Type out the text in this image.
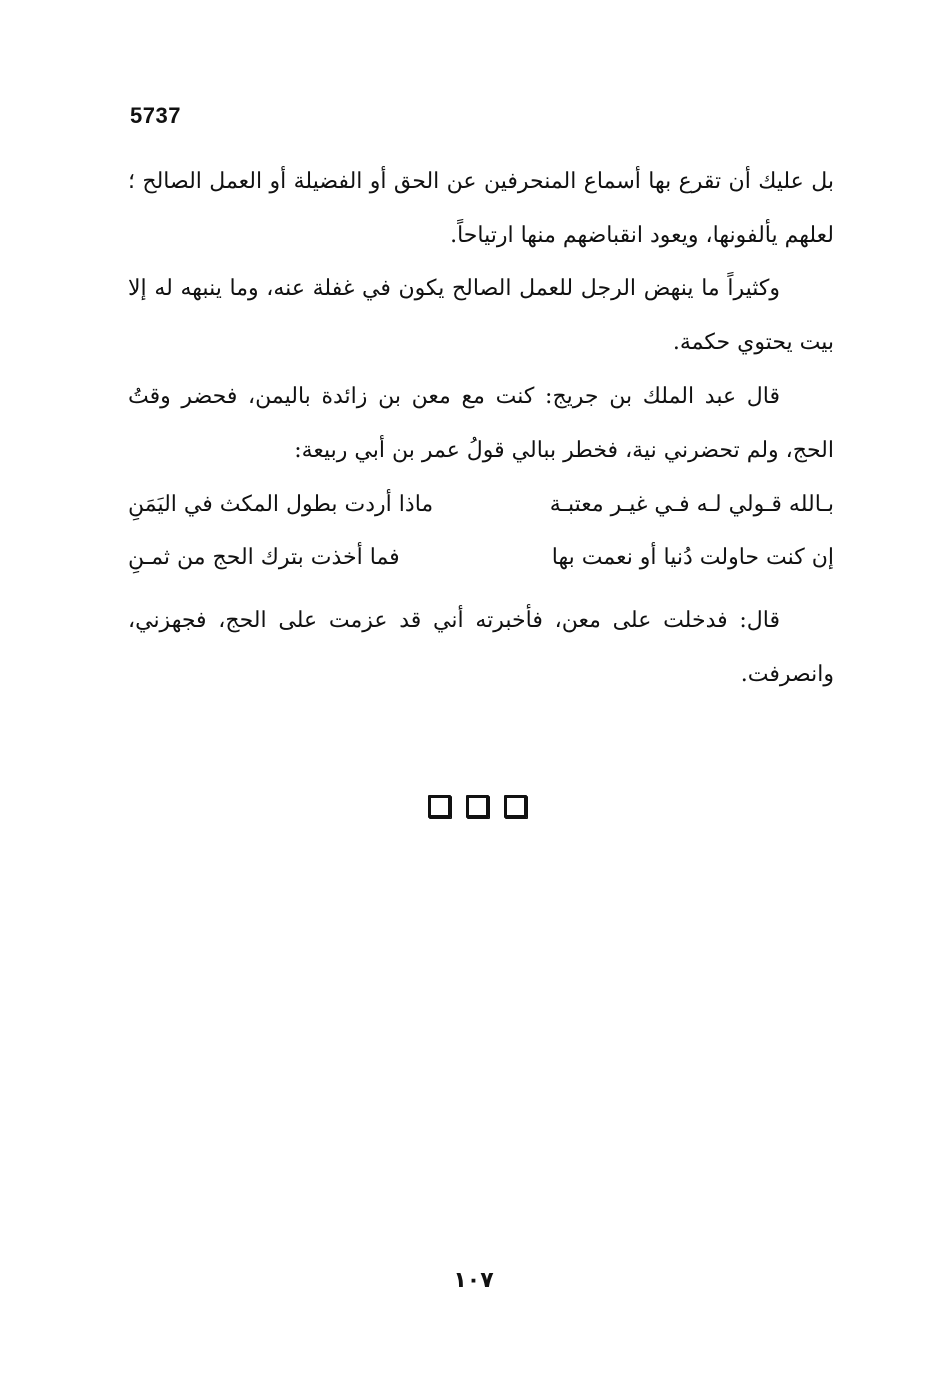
5737

بل عليك أن تقرع بها أسماع المنحرفين عن الحق أو الفضيلة أو العمل الصالح ؛ لعلهم يألفونها، ويعود انقباضهم منها ارتياحاً.

وكثيراً ما ينهض الرجل للعمل الصالح يكون في غفلة عنه، وما ينبهه له إلا بيت يحتوي حكمة.

قال عبد الملك بن جريج: كنت مع معن بن زائدة باليمن، فحضر وقتُ الحج، ولم تحضرني نية، فخطر ببالي قولُ عمر بن أبي ربيعة:

بـالله قـولي لـه فـي غيـر معتبـة
ماذا أردت بطول المكث في اليَمَنِ
إن كنت حاولت دُنيا أو نعمت بها
فما أخذت بترك الحج من ثمـنِ

قال: فدخلت على معن، فأخبرته أني قد عزمت على الحج، فجهزني، وانصرفت.

١٠٧
